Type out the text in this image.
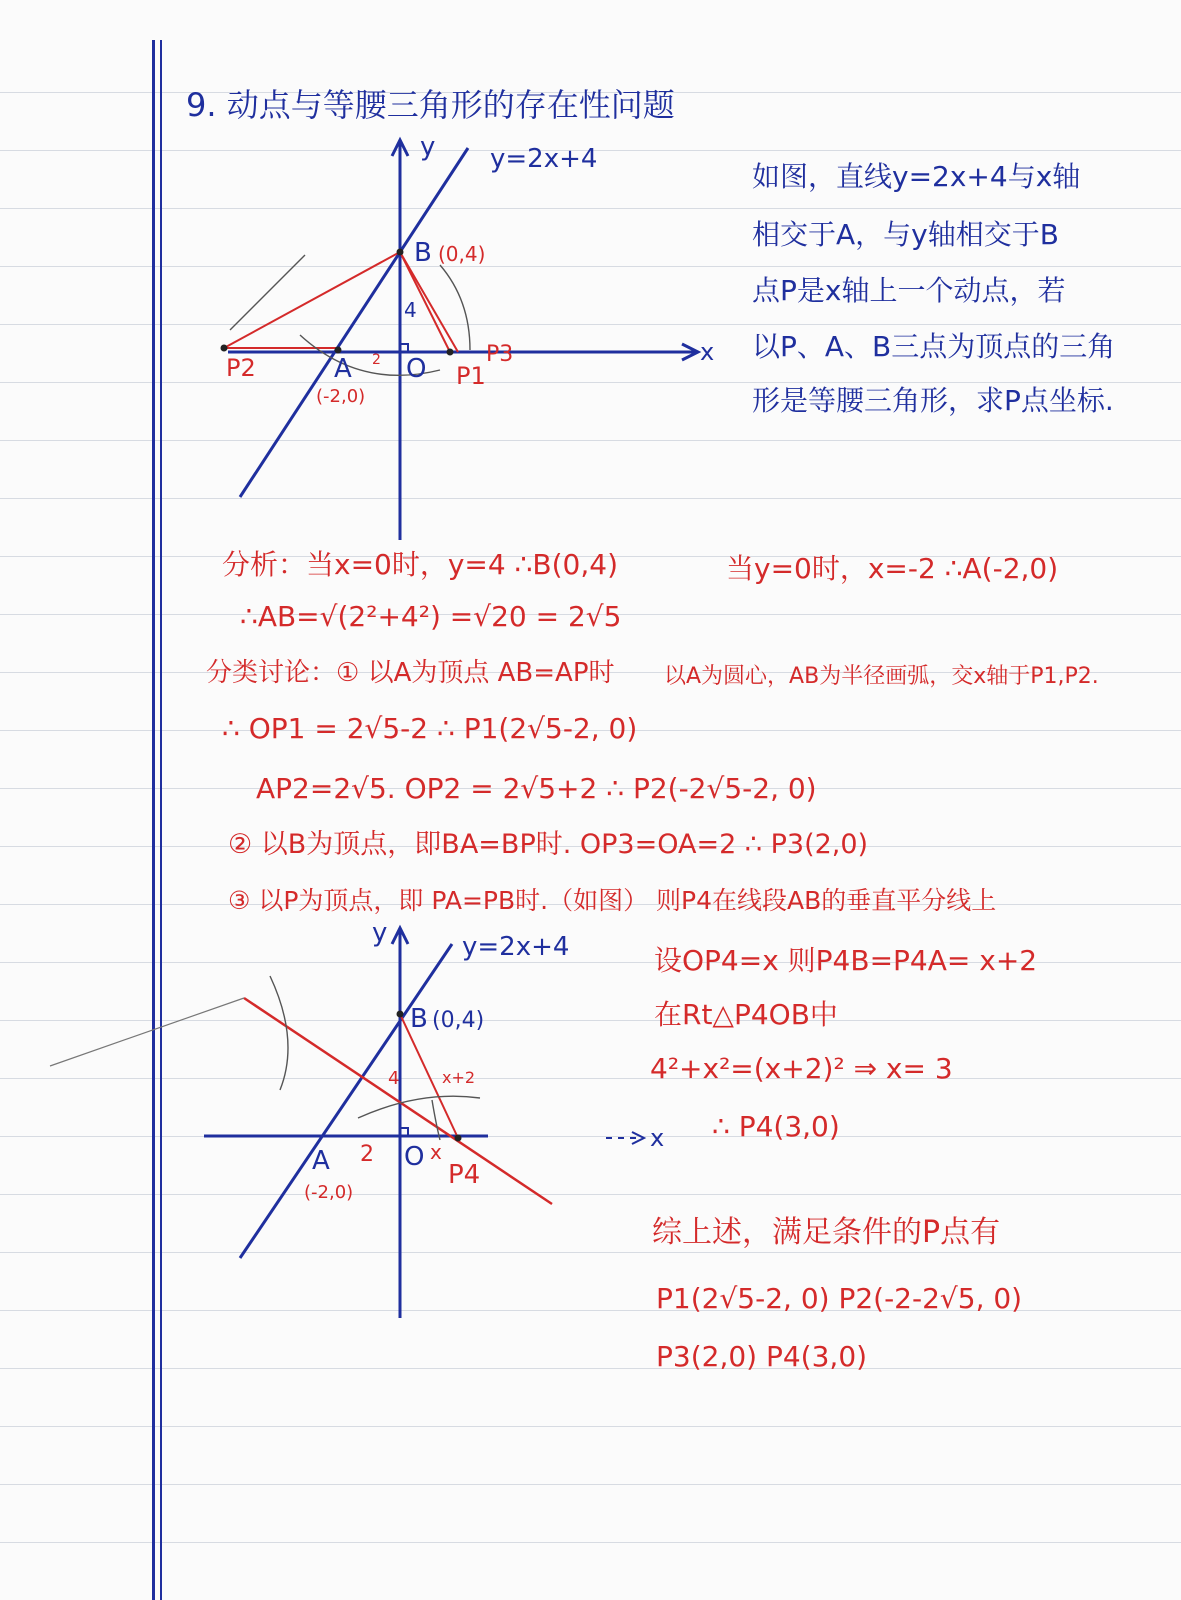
9. 动点与等腰三角形的存在性问题
如图，直线y=2x+4与x轴
相交于A，与y轴相交于B
点P是x轴上一个动点，若
以P、A、B三点为顶点的三角
形是等腰三角形，求P点坐标.
y=2x+4
y
x
B (0,4)
4
2
A
(-2,0)
O
P2	P1
P3
分析：当x=0时，y=4 ∴B(0,4)	当y=0时，x=-2 ∴A(-2,0)
∴AB=√(2²+4²) =√20 = 2√5
分类讨论：① 以A为顶点 AB=AP时 以A为圆心，AB为半径画弧，交x轴于P1,P2.
∴ OP1 = 2√5-2 ∴ P1(2√5-2, 0)
AP2=2√5. OP2 = 2√5+2 ∴ P2(-2√5-2, 0)
② 以B为顶点，即BA=BP时. OP3=OA=2 ∴ P3(2,0)
③ 以P为顶点，即 PA=PB时.（如图） 则P4在线段AB的垂直平分线上
设OP4=x 则P4B=P4A= x+2
在Rt△P4OB中
4²+x²=(x+2)² ⇒ x= 3
∴ P4(3,0)
y=2x+4
y
x
B (0,4)
4	x+2
A 2
(-2,0)
O x
P4
综上述，满足条件的P点有
P1(2√5-2, 0) P2(-2-2√5, 0)
P3(2,0) P4(3,0)
